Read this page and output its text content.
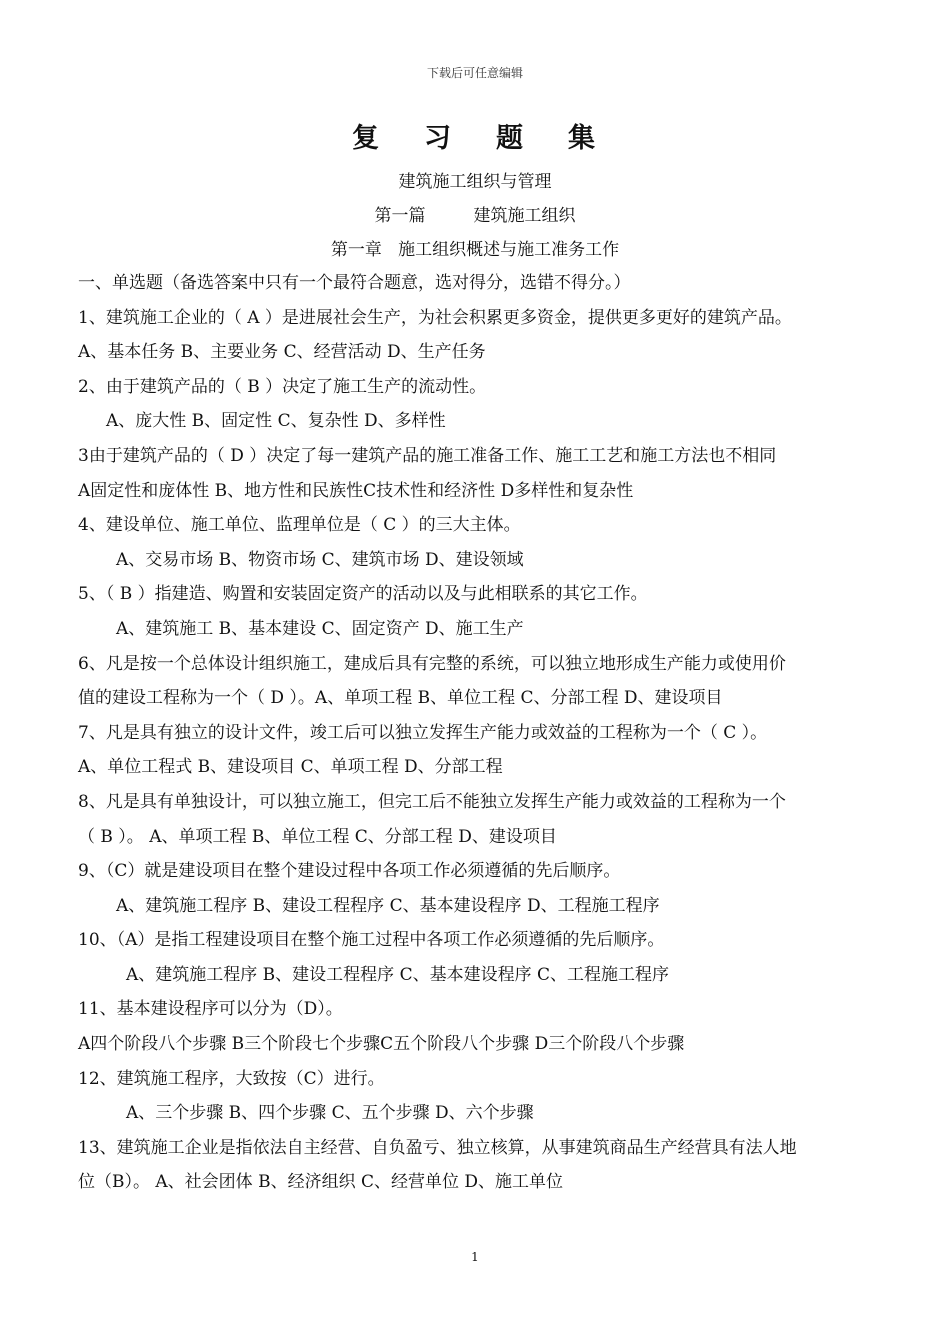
下载后可任意编辑
复 习 题 集
建筑施工组织与管理
第一篇	建筑施工组织
第一章 施工组织概述与施工准务工作
一、单选题（备选答案中只有一个最符合题意，选对得分，选错不得分。）
1、建筑施工企业的（ A ）是进展社会生产，为社会积累更多资金，提供更多更好的建筑产品。
A、基本任务 B、主要业务 C、经营活动 D、生产任务
2、由于建筑产品的（ B ）决定了施工生产的流动性。
A、庞大性 B、固定性 C、复杂性 D、多样性
3由于建筑产品的（ D ）决定了每一建筑产品的施工准备工作、施工工艺和施工方法也不相同
A固定性和庞体性 B、地方性和民族性C技术性和经济性 D多样性和复杂性
4、建设单位、施工单位、监理单位是（ C ）的三大主体。
A、交易市场 B、物资市场 C、建筑市场 D、建设领域
5、（ B ）指建造、购置和安装固定资产的活动以及与此相联系的其它工作。
A、建筑施工 B、基本建设 C、固定资产 D、施工生产
6、凡是按一个总体设计组织施工，建成后具有完整的系统，可以独立地形成生产能力或使用价
值的建设工程称为一个（ D ）。A、单项工程 B、单位工程 C、分部工程 D、建设项目
7、凡是具有独立的设计文件，竣工后可以独立发挥生产能力或效益的工程称为一个（ C ）。
A、单位工程式 B、建设项目 C、单项工程 D、分部工程
8、凡是具有单独设计，可以独立施工，但完工后不能独立发挥生产能力或效益的工程称为一个
（ B ）。 A、单项工程 B、单位工程 C、分部工程 D、建设项目
9、（C）就是建设项目在整个建设过程中各项工作必须遵循的先后顺序。
A、建筑施工程序 B、建设工程程序 C、基本建设程序 D、工程施工程序
10、（A）是指工程建设项目在整个施工过程中各项工作必须遵循的先后顺序。
A、建筑施工程序 B、建设工程程序 C、基本建设程序 C、工程施工程序
11、基本建设程序可以分为（D）。
A四个阶段八个步骤 B三个阶段七个步骤C五个阶段八个步骤 D三个阶段八个步骤
12、建筑施工程序，大致按（C）进行。
A、三个步骤 B、四个步骤 C、五个步骤 D、六个步骤
13、建筑施工企业是指依法自主经营、自负盈亏、独立核算，从事建筑商品生产经营具有法人地
位（B）。 A、社会团体 B、经济组织 C、经营单位 D、施工单位
1
